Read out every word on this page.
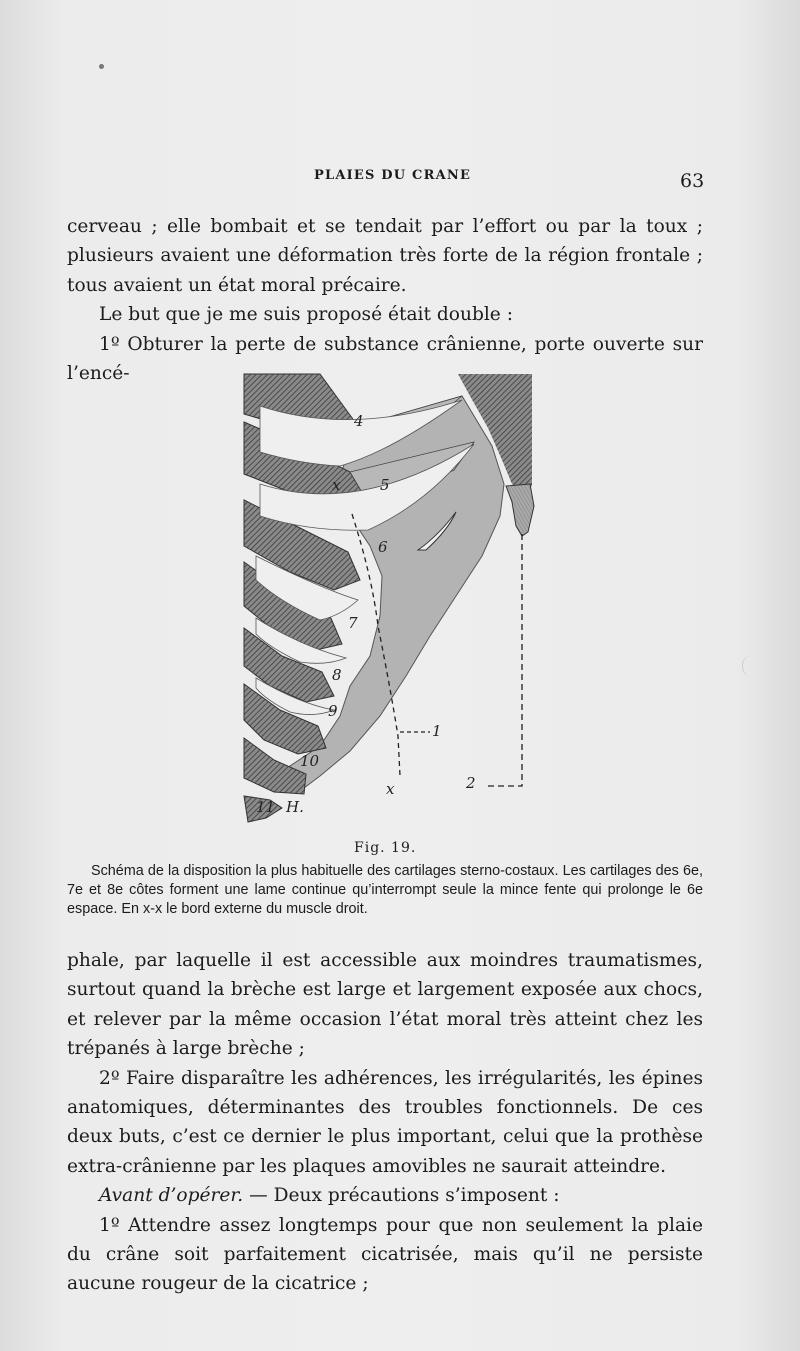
PLAIES DU CRANE	63

cerveau ; elle bombait et se tendait par l’effort ou par la toux ; plusieurs avaient une déformation très forte de la région frontale ; tous avaient un état moral précaire.

Le but que je me suis proposé était double :

1º Obturer la perte de substance crânienne, porte ouverte sur l’encé-

4
5
6
7
8
9
10
11
x
1
2
x
H.
Fig. 19.
Schéma de la disposition la plus habituelle des cartilages sterno-costaux. Les cartilages des 6e, 7e et 8e côtes forment une lame continue qu’interrompt seule la mince fente qui prolonge le 6e espace. En x-x le bord externe du muscle droit.

phale, par laquelle il est accessible aux moindres traumatismes, surtout quand la brèche est large et largement exposée aux chocs, et relever par la même occasion l’état moral très atteint chez les trépanés à large brèche ;

2º Faire disparaître les adhérences, les irrégularités, les épines anatomiques, déterminantes des troubles fonctionnels. De ces deux buts, c’est ce dernier le plus important, celui que la prothèse extra-crânienne par les plaques amovibles ne saurait atteindre.

Avant d’opérer. — Deux précautions s’imposent :

1º Attendre assez longtemps pour que non seulement la plaie du crâne soit parfaitement cicatrisée, mais qu’il ne persiste aucune rougeur de la cicatrice ;
